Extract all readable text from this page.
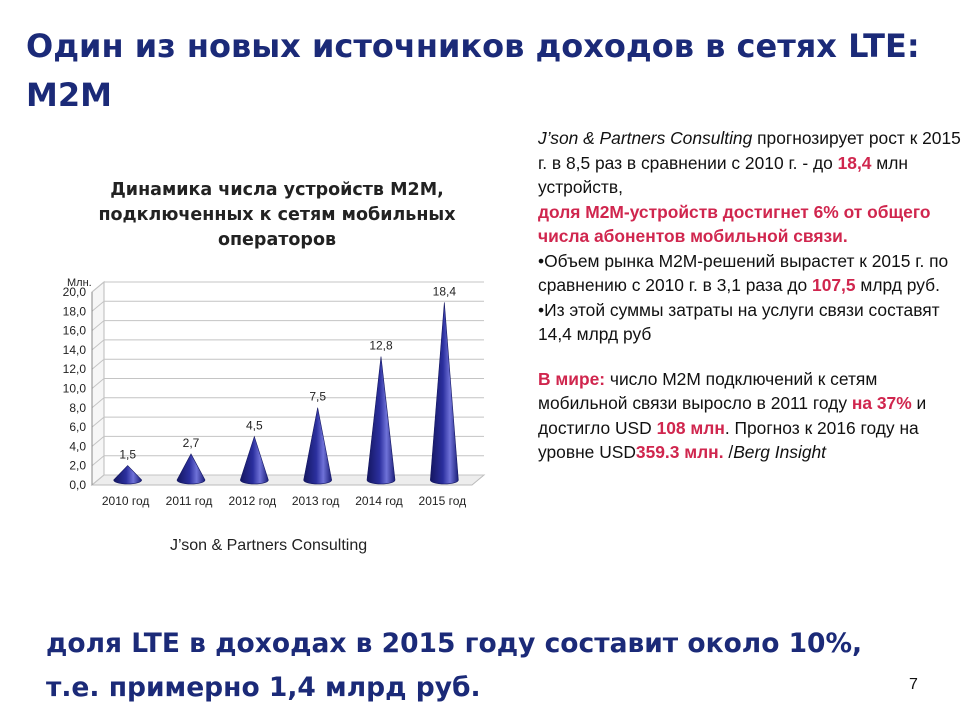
Один из новых источников доходов в сетях LTE:
M2M
Динамика числа устройств M2M,
подключенных к сетям мобильных
операторов
0,0
2,0
4,0
6,0
8,0
10,0
12,0
14,0
16,0
18,0
20,0
Млн.
1,5
2010 год
2,7
2011 год
4,5
2012 год
7,5
2013 год
12,8
2014 год
18,4
2015 год
J’son & Partners Consulting

J’son & Partners Consulting прогнозирует рост к 2015 г. в 8,5 раз в сравнении с 2010 г. - до 18,4 млн устройств,
доля M2M-устройств достигнет 6% от общего числа абонентов мобильной связи.

•Объем рынка M2M-решений вырастет к 2015 г. по сравнению с 2010 г. в 3,1 раза до 107,5 млрд руб.

•Из этой суммы затраты на услуги связи составят 14,4 млрд руб

В мире: число M2M подключений к сетям мобильной связи выросло в 2011 году на 37% и достигло USD 108 млн. Прогноз к 2016 году на уровне USD359.3 млн. /Berg Insight

доля LTE в доходах в 2015 году составит около 10%,
т.е. примерно 1,4 млрд руб.	7
